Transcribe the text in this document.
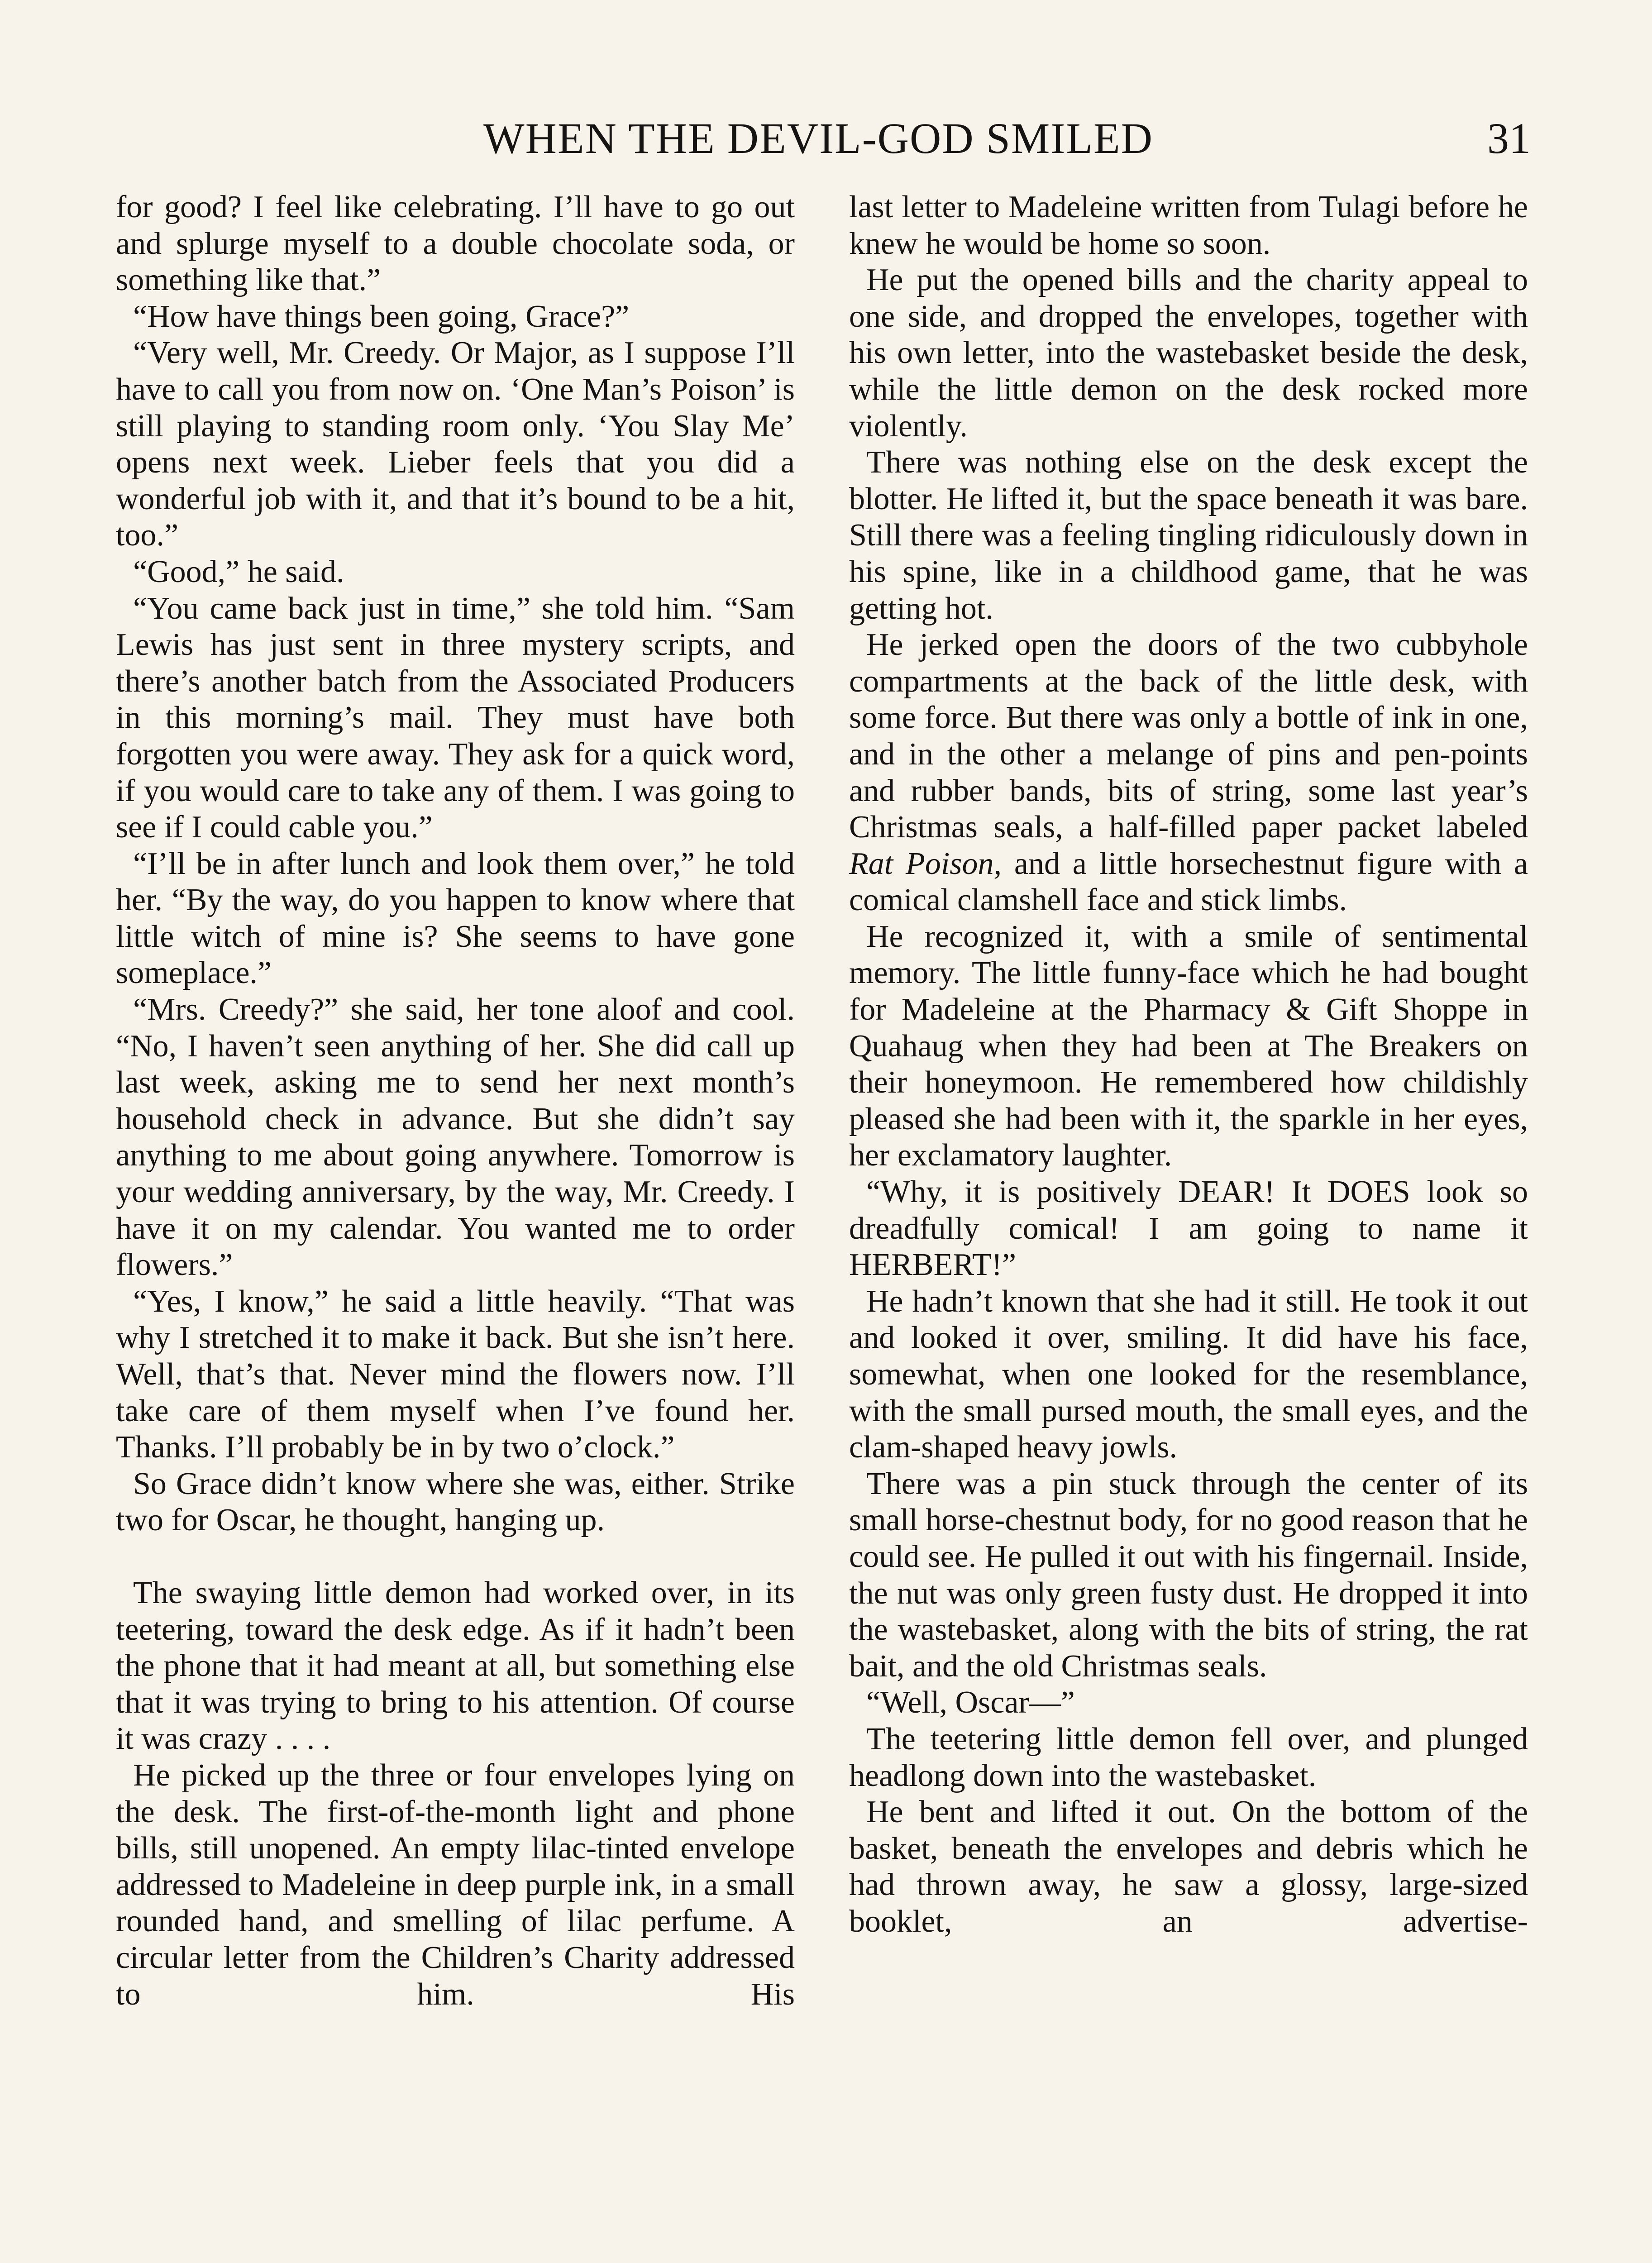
WHEN THE DEVIL-GOD SMILED	31

for good? I feel like celebrating. I’ll have to go out and splurge myself to a double chocolate soda, or something like that.”

“How have things been going, Grace?”

“Very well, Mr. Creedy. Or Major, as I suppose I’ll have to call you from now on. ‘One Man’s Poison’ is still playing to standing room only. ‘You Slay Me’ opens next week. Lieber feels that you did a wonderful job with it, and that it’s bound to be a hit, too.”

“Good,” he said.

“You came back just in time,” she told him. “Sam Lewis has just sent in three mystery scripts, and there’s another batch from the Associated Producers in this morning’s mail. They must have both forgotten you were away. They ask for a quick word, if you would care to take any of them. I was going to see if I could cable you.”

“I’ll be in after lunch and look them over,” he told her. “By the way, do you happen to know where that little witch of mine is? She seems to have gone someplace.”

“Mrs. Creedy?” she said, her tone aloof and cool. “No, I haven’t seen anything of her. She did call up last week, asking me to send her next month’s household check in advance. But she didn’t say anything to me about going anywhere. Tomorrow is your wedding anniversary, by the way, Mr. Creedy. I have it on my calendar. You wanted me to order flowers.”

“Yes, I know,” he said a little heavily. “That was why I stretched it to make it back. But she isn’t here. Well, that’s that. Never mind the flowers now. I’ll take care of them myself when I’ve found her. Thanks. I’ll probably be in by two o’clock.”

So Grace didn’t know where she was, either. Strike two for Oscar, he thought, hanging up.

The swaying little demon had worked over, in its teetering, toward the desk edge. As if it hadn’t been the phone that it had meant at all, but something else that it was trying to bring to his attention. Of course it was crazy . . . .

He picked up the three or four envelopes lying on the desk. The first-of-the-month light and phone bills, still unopened. An empty lilac-tinted envelope addressed to Madeleine in deep purple ink, in a small rounded hand, and smelling of lilac perfume. A circular letter from the Children’s Charity addressed to him. His

last letter to Madeleine written from Tulagi before he knew he would be home so soon.

He put the opened bills and the charity appeal to one side, and dropped the envelopes, together with his own letter, into the wastebasket beside the desk, while the little demon on the desk rocked more violently.

There was nothing else on the desk except the blotter. He lifted it, but the space beneath it was bare. Still there was a feeling tingling ridiculously down in his spine, like in a childhood game, that he was getting hot.

He jerked open the doors of the two cubbyhole compartments at the back of the little desk, with some force. But there was only a bottle of ink in one, and in the other a melange of pins and pen-points and rubber bands, bits of string, some last year’s Christmas seals, a half-filled paper packet labeled Rat Poison, and a little horsechestnut figure with a comical clamshell face and stick limbs.

He recognized it, with a smile of sentimental memory. The little funny-face which he had bought for Madeleine at the Pharmacy & Gift Shoppe in Quahaug when they had been at The Breakers on their honeymoon. He remembered how childishly pleased she had been with it, the sparkle in her eyes, her exclamatory laughter.

“Why, it is positively DEAR! It DOES look so dreadfully comical! I am going to name it HERBERT!”

He hadn’t known that she had it still. He took it out and looked it over, smiling. It did have his face, somewhat, when one looked for the resemblance, with the small pursed mouth, the small eyes, and the clam-shaped heavy jowls.

There was a pin stuck through the center of its small horse-chestnut body, for no good reason that he could see. He pulled it out with his fingernail. Inside, the nut was only green fusty dust. He dropped it into the wastebasket, along with the bits of string, the rat bait, and the old Christmas seals.

“Well, Oscar—”

The teetering little demon fell over, and plunged headlong down into the wastebasket.

He bent and lifted it out. On the bottom of the basket, beneath the envelopes and debris which he had thrown away, he saw a glossy, large-sized booklet, an advertise-
